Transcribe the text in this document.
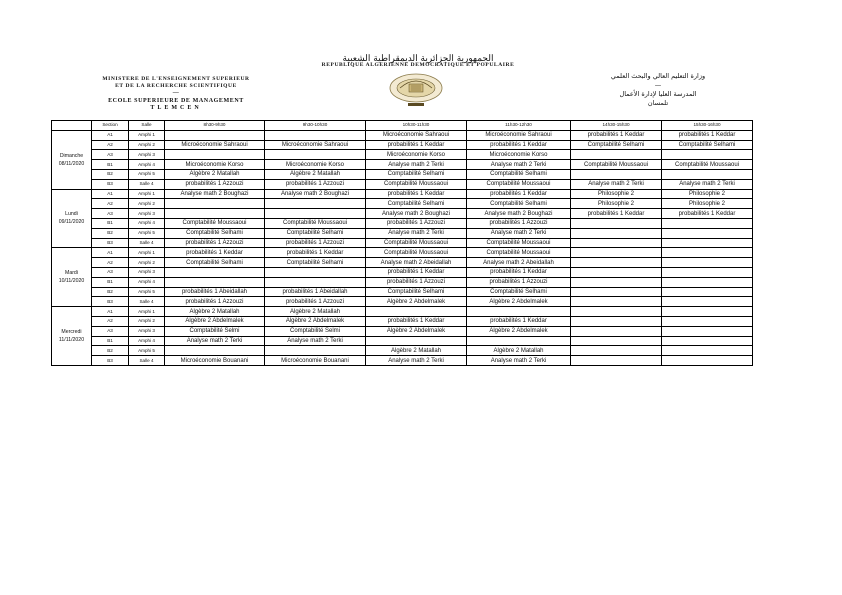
الجمهورية الجزائرية الديمقراطية الشعبية
REPUBLIQUE ALGERIENNE DEMOCRATIQUE ET POPULAIRE
MINISTERE DE L'ENSEIGNEMENT SUPERIEUR
ET DE LA RECHERCHE SCIENTIFIQUE
—
ECOLE SUPERIEURE DE MANAGEMENT
TLEMCEN
وزارة التعليم العالي والبحث العلمي
—
المدرسة العليا لإدارة الأعمال
تلمسان
	Section	Salle	8h30-9h30	9h30-10h30	10h30-11h30	11h30-12h30	14h30-15h30	15h30-16h30

Dimanche
08/11/2020	A1	Amphi 1			Microéconomie Sahraoui	Microéconomie Sahraoui	probabilités 1 Keddar	probabilités 1 Keddar
	A2	Amphi 2	Microéconomie Sahraoui	Microéconomie Sahraoui	probabilités 1 Keddar	probabilités 1 Keddar	Comptabilité Selhami	Comptabilité Selhami
	A3	Amphi 3			Microéconomie Korso	Microéconomie Korso		
	B1	Amphi 4	Microéconomie Korso	Microéconomie Korso	Analyse math 2 Terki	Analyse math 2 Terki	Comptabilité Moussaoui	Comptabilité Moussaoui
	B2	Amphi 5	Algèbre 2 Matallah	Algèbre 2 Matallah	Comptabilité Selhami	Comptabilité Selhami		
	B3	Salle 4	probabilités 1 Azzouzi	probabilités 1 Azzouzi	Comptabilité Moussaoui	Comptabilité Moussaoui	Analyse math 2 Terki	Analyse math 2 Terki

Lundi
09/11/2020	A1	Amphi 1	Analyse math 2 Boughazi	Analyse math 2 Boughazi	probabilités 1 Keddar	probabilités 1 Keddar	Philosophie 2	Philosophie 2
	A2	Amphi 2			Comptabilité Selhami	Comptabilité Selhami	Philosophie 2	Philosophie 2
	A3	Amphi 3			Analyse math 2 Boughazi	Analyse math 2 Boughazi	probabilités 1 Keddar	probabilités 1 Keddar
	B1	Amphi 4	Comptabilité Moussaoui	Comptabilité Moussaoui	probabilités 1 Azzouzi	probabilités 1 Azzouzi		
	B2	Amphi 5	Comptabilité Selhami	Comptabilité Selhami	Analyse math 2 Terki	Analyse math 2 Terki		
	B3	Salle 4	probabilités 1 Azzouzi	probabilités 1 Azzouzi	Comptabilité Moussaoui	Comptabilité Moussaoui		

Mardi
10/11/2020	A1	Amphi 1	probabilités 1 Keddar	probabilités 1 Keddar	Comptabilité Moussaoui	Comptabilité Moussaoui		
	A2	Amphi 2	Comptabilité Selhami	Comptabilité Selhami	Analyse math 2 Abeidallah	Analyse math 2 Abeidallah		
	A3	Amphi 3			probabilités 1 Keddar	probabilités 1 Keddar		
	B1	Amphi 4			probabilités 1 Azzouzi	probabilités 1 Azzouzi		
	B2	Amphi 5	probabilités 1 Abeidallah	probabilités 1 Abeidallah	Comptabilité Selhami	Comptabilité Selhami		
	B3	Salle 4	probabilités 1 Azzouzi	probabilités 1 Azzouzi	Algèbre 2 Abdelmalek	Algèbre 2 Abdelmalek		

Mercredi
11/11/2020	A1	Amphi 1	Algèbre 2 Matallah	Algèbre 2 Matallah				
	A2	Amphi 2	Algèbre 2 Abdelmalek	Algèbre 2 Abdelmalek	probabilités 1 Keddar	probabilités 1 Keddar		
	A3	Amphi 3	Comptabilité Selmi	Comptabilité Selmi	Algèbre 2 Abdelmalek	Algèbre 2 Abdelmalek		
	B1	Amphi 4	Analyse math 2 Terki	Analyse math 2 Terki				
	B2	Amphi 5			Algèbre 2 Matallah	Algèbre 2 Matallah		
	B3	Salle 4	Microéconomie Bouanani	Microéconomie Bouanani	Analyse math 2 Terki	Analyse math 2 Terki		
